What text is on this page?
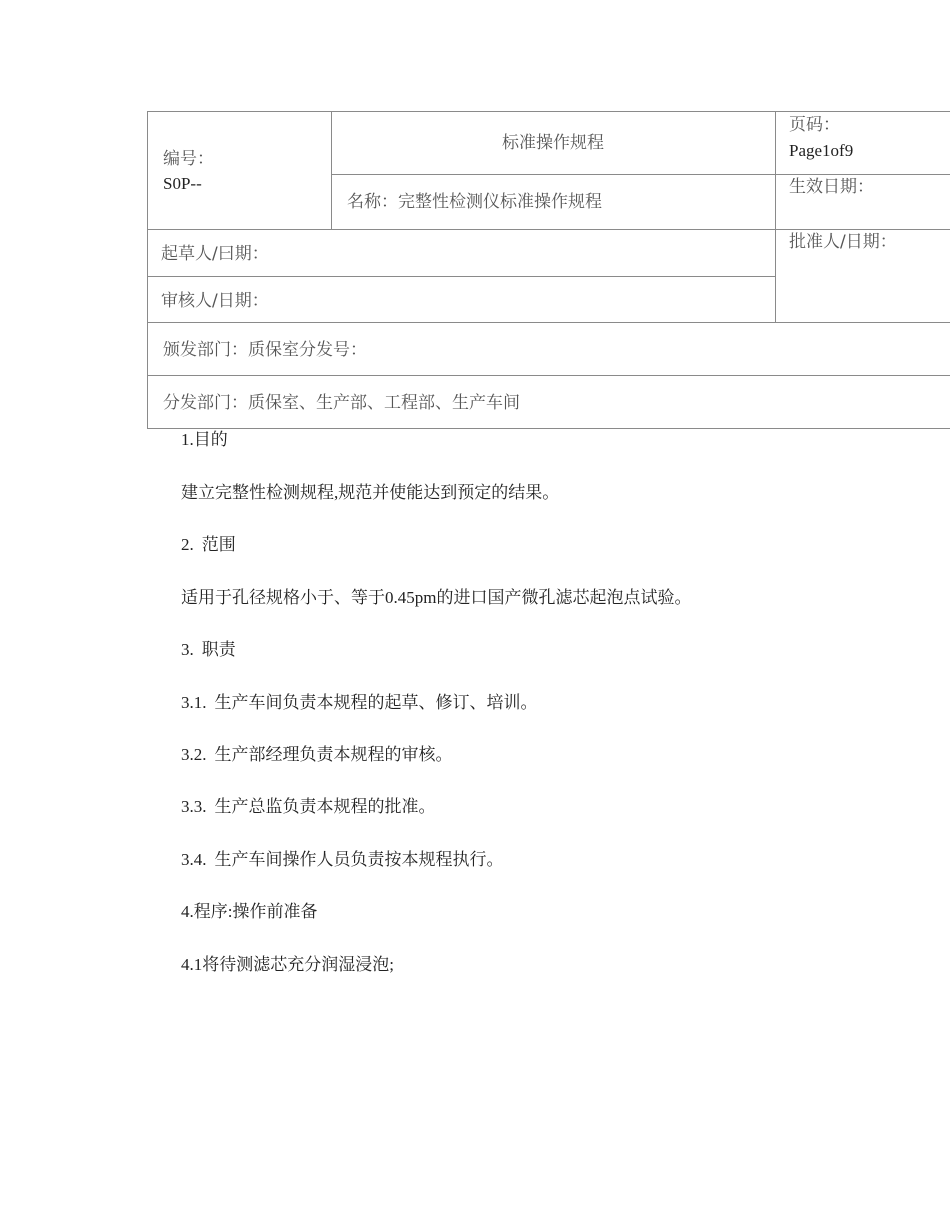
编号：
S0P--
标准操作规程
名称：完整性检测仪标准操作规程
页码：
Page1of9
生效日期：
起草人/曰期：
审核人/日期：
批准人/日期：
颁发部门：质保室分发号：
分发部门：质保室、生产部、工程部、生产车间
1.目的
建立完整性检测规程,规范并使能达到预定的结果。
2. 范围
适用于孔径规格小于、等于0.45pm的进口国产微孔滤芯起泡点试验。
3. 职责
3.1. 生产车间负责本规程的起草、修订、培训。
3.2. 生产部经理负责本规程的审核。
3.3. 生产总监负责本规程的批准。
3.4. 生产车间操作人员负责按本规程执行。
4.程序:操作前准备
4.1将待测滤芯充分润湿浸泡;
